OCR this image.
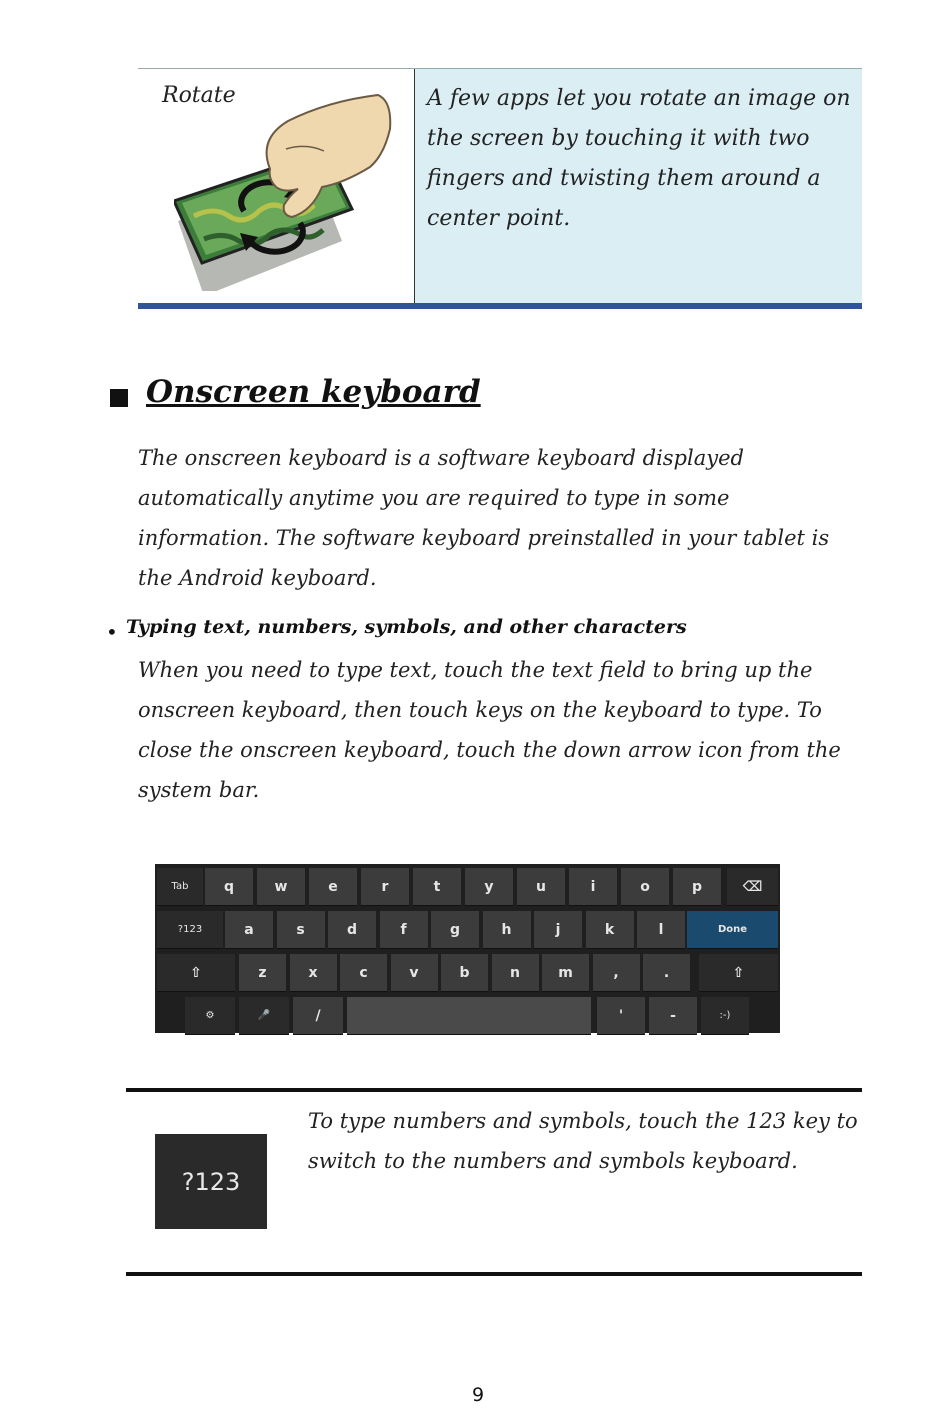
Rotate	A few apps let you rotate an image on the screen by touching it with two fingers and twisting them around a center point.
Onscreen keyboard
The onscreen keyboard is a software keyboard displayed automatically anytime you are required to type in some information. The software keyboard preinstalled in your tablet is the Android keyboard.
• Typing text, numbers, symbols, and other characters
When you need to type text, touch the text field to bring up the onscreen keyboard, then touch keys on the keyboard to type. To close the onscreen keyboard, touch the down arrow icon from the system bar.
Tab	q	w	e	r	t	y	u	i	o	p	⌫
?123	a	s	d	f	g	h	j	k	l	Done
⇧	z	x	c	v	b	n	m	,	.	⇧
⚙	🎤	/	'	-	:-)
?123
To type numbers and symbols, touch the 123 key to switch to the numbers and symbols keyboard.
9
